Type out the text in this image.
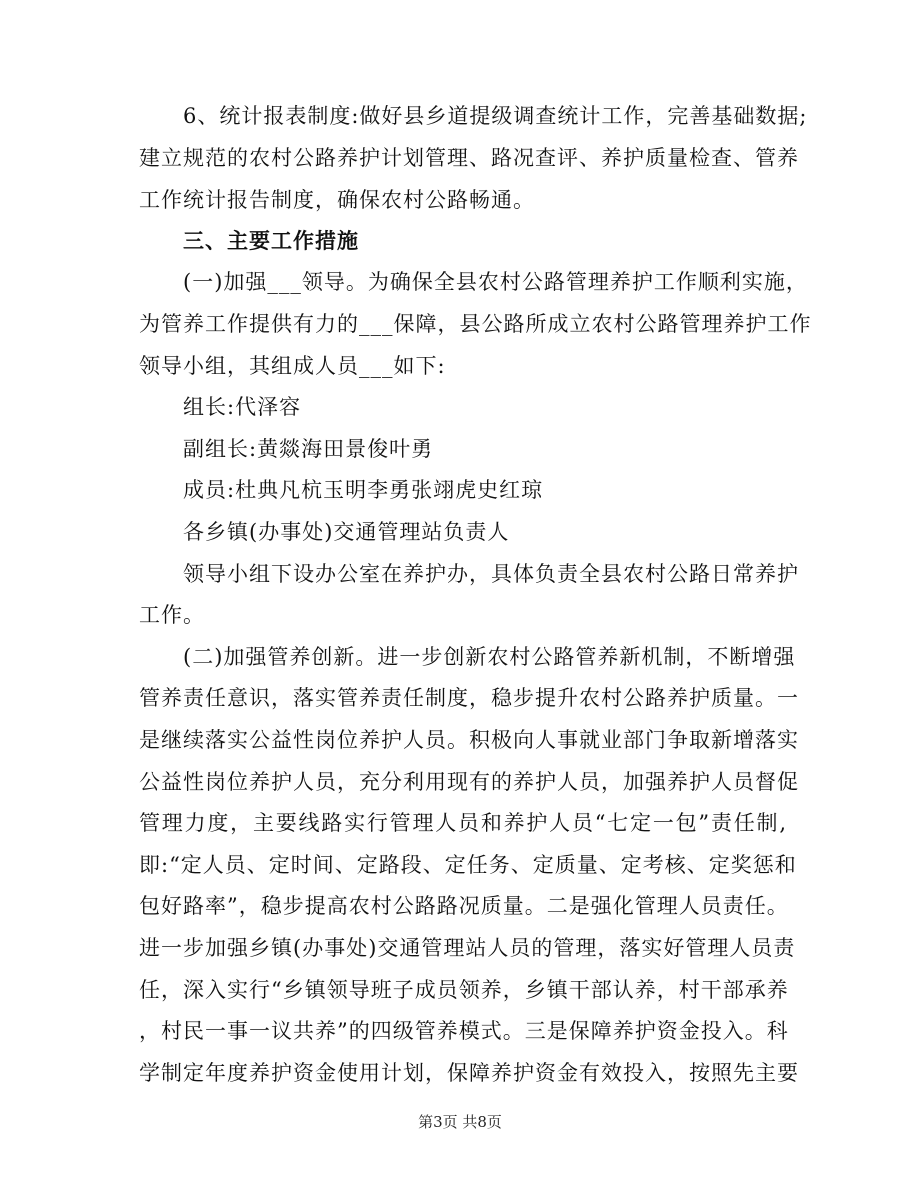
　　6、统计报表制度:做好县乡道提级调查统计工作，完善基础数据;
建立规范的农村公路养护计划管理、路况查评、养护质量检查、管养
工作统计报告制度，确保农村公路畅通。
　　三、主要工作措施
　　(一)加强___领导。为确保全县农村公路管理养护工作顺利实施，
为管养工作提供有力的___保障，县公路所成立农村公路管理养护工作
领导小组，其组成人员___如下:
　　组长:代泽容
　　副组长:黄燚海田景俊叶勇
　　成员:杜典凡杭玉明李勇张翊虎史红琼
　　各乡镇(办事处)交通管理站负责人
　　领导小组下设办公室在养护办，具体负责全县农村公路日常养护
工作。
　　(二)加强管养创新。进一步创新农村公路管养新机制，不断增强
管养责任意识，落实管养责任制度，稳步提升农村公路养护质量。一
是继续落实公益性岗位养护人员。积极向人事就业部门争取新增落实
公益性岗位养护人员，充分利用现有的养护人员，加强养护人员督促
管理力度，主要线路实行管理人员和养护人员“七定一包”责任制,
即:“定人员、定时间、定路段、定任务、定质量、定考核、定奖惩和
包好路率”，稳步提高农村公路路况质量。二是强化管理人员责任。
进一步加强乡镇(办事处)交通管理站人员的管理，落实好管理人员责
任，深入实行“乡镇领导班子成员领养，乡镇干部认养，村干部承养
，村民一事一议共养”的四级管养模式。三是保障养护资金投入。科
学制定年度养护资金使用计划，保障养护资金有效投入，按照先主要
第3页 共8页
